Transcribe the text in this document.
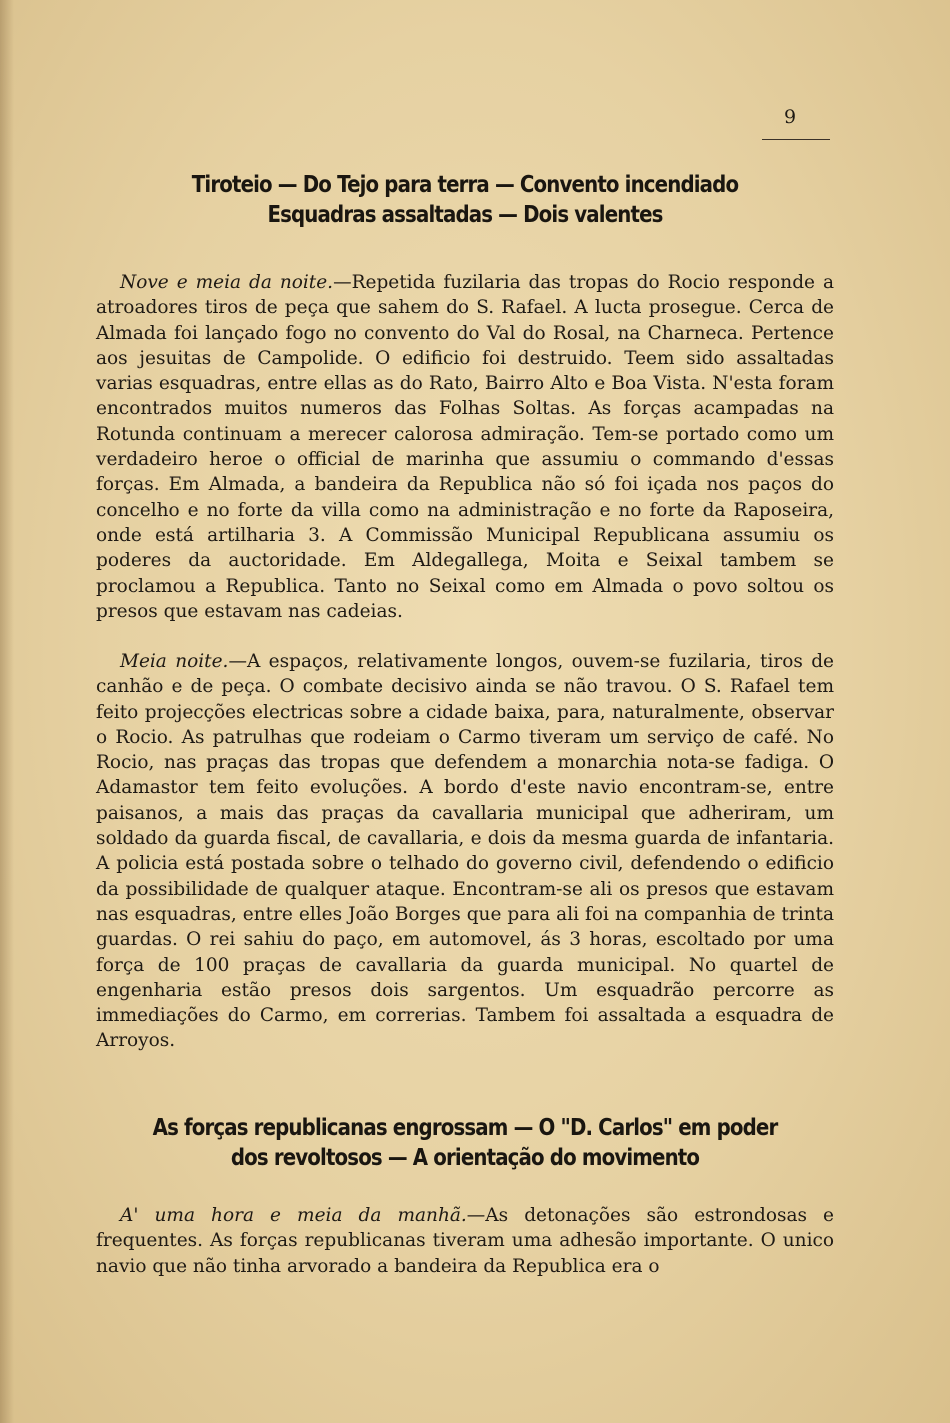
9
Tiroteio — Do Tejo para terra — Convento incendiado
Esquadras assaltadas — Dois valentes
Nove e meia da noite.—Repetida fuzilaria das tropas do Rocio responde a atroadores tiros de peça que sahem do S. Rafael. A lucta prosegue. Cerca de Almada foi lançado fogo no convento do Val do Rosal, na Charneca. Pertence aos jesuitas de Campolide. O edificio foi destruido. Teem sido assaltadas varias esquadras, entre ellas as do Rato, Bairro Alto e Boa Vista. N'esta foram encontrados muitos numeros das Folhas Soltas. As forças acampadas na Rotunda continuam a merecer calorosa admiração. Tem-se portado como um verdadeiro heroe o official de marinha que assumiu o commando d'essas forças. Em Almada, a bandeira da Republica não só foi içada nos paços do concelho e no forte da villa como na administração e no forte da Raposeira, onde está artilharia 3. A Commissão Municipal Republicana assumiu os poderes da auctoridade. Em Aldegallega, Moita e Seixal tambem se proclamou a Republica. Tanto no Seixal como em Almada o povo soltou os presos que estavam nas cadeias.
Meia noite.—A espaços, relativamente longos, ouvem-se fuzilaria, tiros de canhão e de peça. O combate decisivo ainda se não travou. O S. Rafael tem feito projecções electricas sobre a cidade baixa, para, naturalmente, observar o Rocio. As patrulhas que rodeiam o Carmo tiveram um serviço de café. No Rocio, nas praças das tropas que defendem a monarchia nota-se fadiga. O Adamastor tem feito evoluções. A bordo d'este navio encontram-se, entre paisanos, a mais das praças da cavallaria municipal que adheriram, um soldado da guarda fiscal, de cavallaria, e dois da mesma guarda de infantaria. A policia está postada sobre o telhado do governo civil, defendendo o edificio da possibilidade de qualquer ataque. Encontram-se ali os presos que estavam nas esquadras, entre elles João Borges que para ali foi na companhia de trinta guardas. O rei sahiu do paço, em automovel, ás 3 horas, escoltado por uma força de 100 praças de cavallaria da guarda municipal. No quartel de engenharia estão presos dois sargentos. Um esquadrão percorre as immediações do Carmo, em correrias. Tambem foi assaltada a esquadra de Arroyos.
As forças republicanas engrossam — O "D. Carlos" em poder
dos revoltosos — A orientação do movimento
A' uma hora e meia da manhã.—As detonações são estrondosas e frequentes. As forças republicanas tiveram uma adhesão importante. O unico navio que não tinha arvorado a bandeira da Republica era o
